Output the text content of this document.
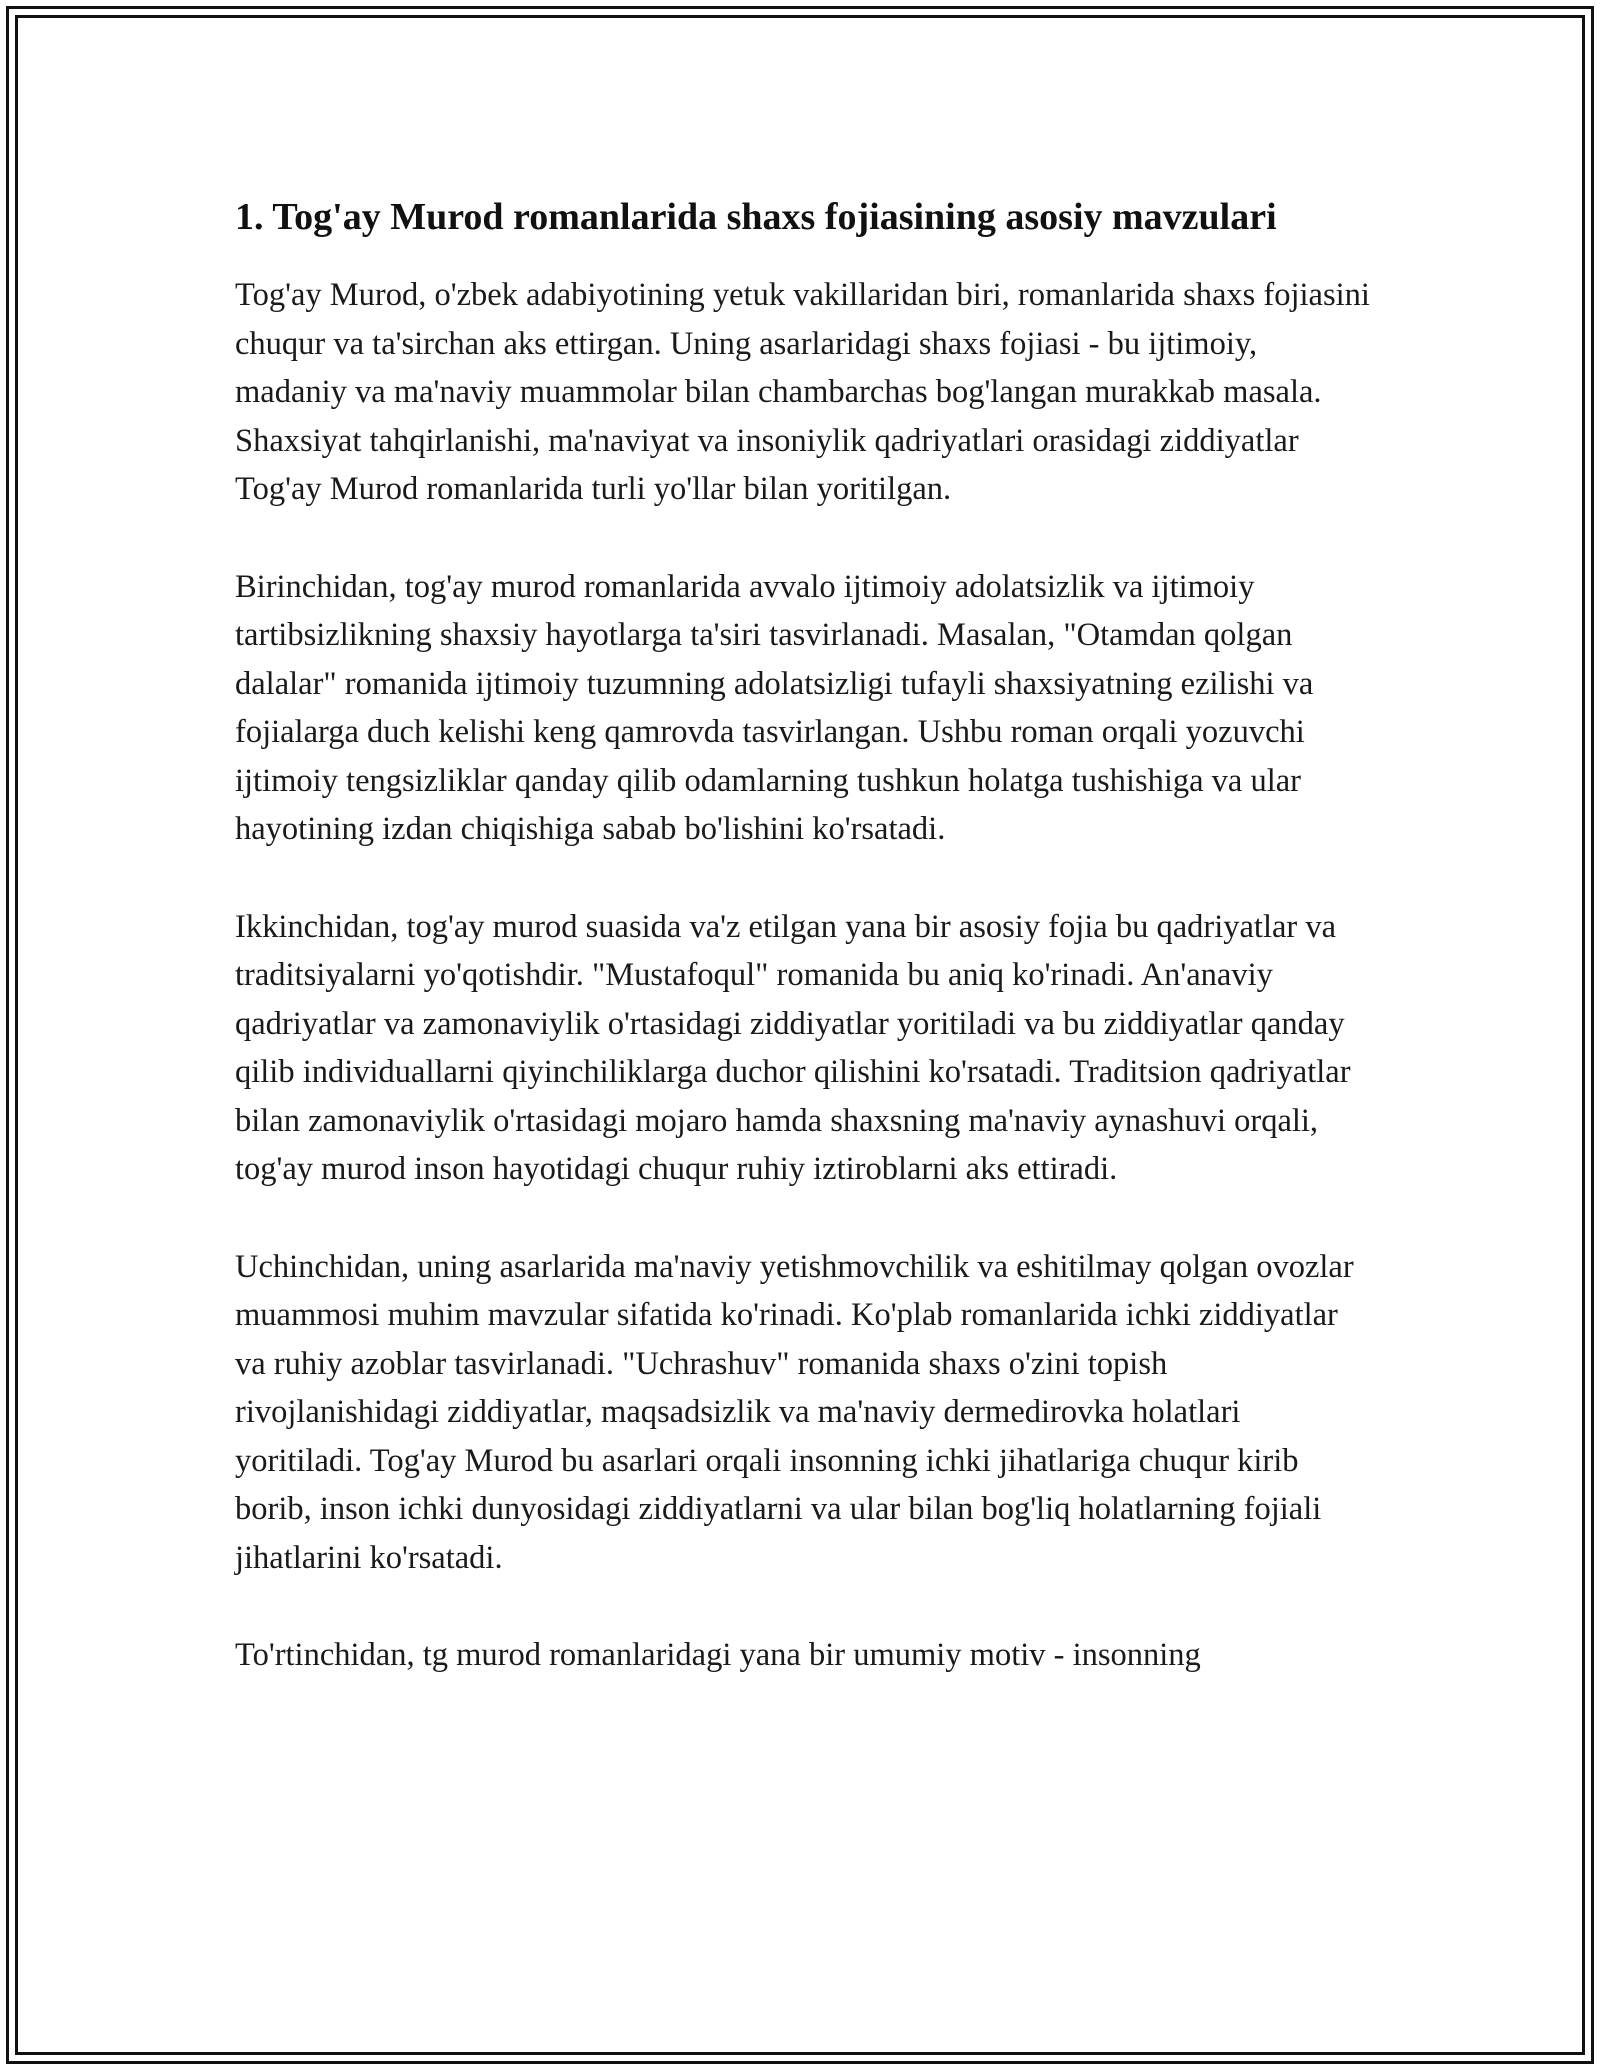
1. Tog'ay Murod romanlarida shaxs fojiasining asosiy mavzulari

Tog'ay Murod, o'zbek adabiyotining yetuk vakillaridan biri, romanlarida shaxs fojiasini chuqur va ta'sirchan aks ettirgan. Uning asarlaridagi shaxs fojiasi - bu ijtimoiy, madaniy va ma'naviy muammolar bilan chambarchas bog'langan murakkab masala. Shaxsiyat tahqirlanishi, ma'naviyat va insoniylik qadriyatlari orasidagi ziddiyatlar Tog'ay Murod romanlarida turli yo'llar bilan yoritilgan.

Birinchidan, tog'ay murod romanlarida avvalo ijtimoiy adolatsizlik va ijtimoiy tartibsizlikning shaxsiy hayotlarga ta'siri tasvirlanadi. Masalan, "Otamdan qolgan dalalar" romanida ijtimoiy tuzumning adolatsizligi tufayli shaxsiyatning ezilishi va fojialarga duch kelishi keng qamrovda tasvirlangan. Ushbu roman orqali yozuvchi ijtimoiy tengsizliklar qanday qilib odamlarning tushkun holatga tushishiga va ular hayotining izdan chiqishiga sabab bo'lishini ko'rsatadi.

Ikkinchidan, tog'ay murod suasida va'z etilgan yana bir asosiy fojia bu qadriyatlar va traditsiyalarni yo'qotishdir. "Mustafoqul" romanida bu aniq ko'rinadi. An'anaviy qadriyatlar va zamonaviylik o'rtasidagi ziddiyatlar yoritiladi va bu ziddiyatlar qanday qilib individuallarni qiyinchiliklarga duchor qilishini ko'rsatadi. Traditsion qadriyatlar bilan zamonaviylik o'rtasidagi mojaro hamda shaxsning ma'naviy aynashuvi orqali, tog'ay murod inson hayotidagi chuqur ruhiy iztiroblarni aks ettiradi.

Uchinchidan, uning asarlarida ma'naviy yetishmovchilik va eshitilmay qolgan ovozlar muammosi muhim mavzular sifatida ko'rinadi. Ko'plab romanlarida ichki ziddiyatlar va ruhiy azoblar tasvirlanadi. "Uchrashuv" romanida shaxs o'zini topish rivojlanishidagi ziddiyatlar, maqsadsizlik va ma'naviy dermedirovka holatlari yoritiladi. Tog'ay Murod bu asarlari orqali insonning ichki jihatlariga chuqur kirib borib, inson ichki dunyosidagi ziddiyatlarni va ular bilan bog'liq holatlarning fojiali jihatlarini ko'rsatadi.

To'rtinchidan, tg murod romanlaridagi yana bir umumiy motiv - insonning
